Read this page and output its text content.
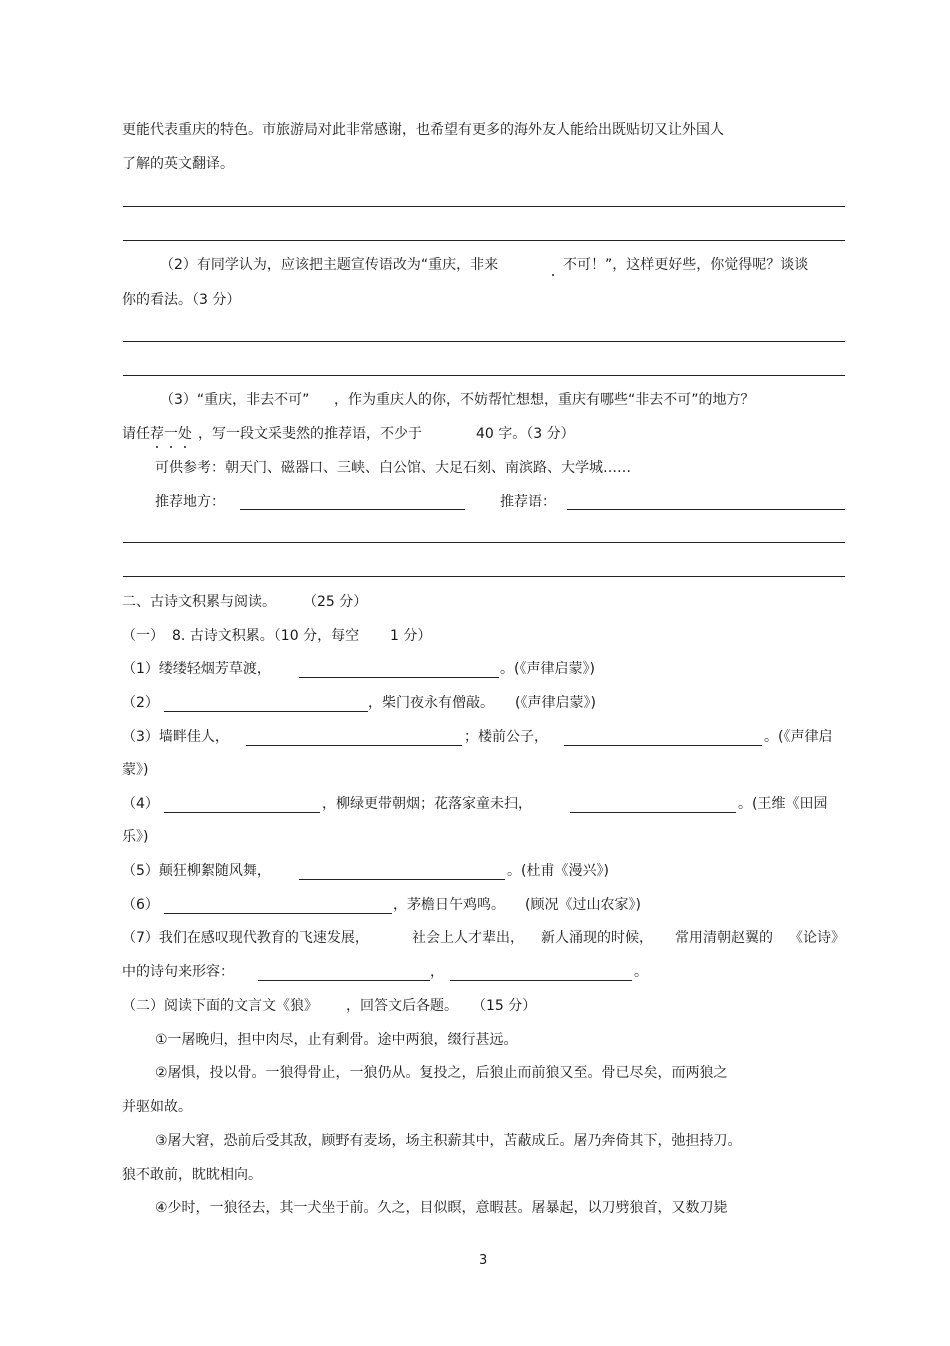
更能代表重庆的特色。市旅游局对此非常感谢，也希望有更多的海外友人能给出既贴切又让外国人
了解的英文翻译。
（2）有同学认为，应该把主题宣传语改为“重庆，非来	不可！”，这样更好些，你觉得呢？谈谈
你的看法。（3 分）
（3）“重庆，非去不可” ，作为重庆人的你，不妨帮忙想想，重庆有哪些“非去不可”的地方？
请任 荐一处 ，写一段文采斐然的推荐语，不少于	40 字。（3 分）
可供参考：朝天门、磁器口、三峡、白公馆、大足石刻、南滨路、大学城……
推荐地方：	推荐语：
二、古诗文积累与阅读。 （25 分）
（一） 8. 古诗文积累。（10 分，每空 1 分）
（1）缕缕轻烟芳草渡，	。(《声律启蒙》)
（2）	，柴门夜永有僧敲。 (《声律启蒙》)
（3）墙畔佳人，	；楼前公子，	。(《声律启
蒙》)
（4）	，柳绿更带朝烟；花落家童未扫，	。(王维《田园
乐》)
（5）颠狂柳絮随风舞，	。(杜甫《漫兴》)
（6）	，茅檐日午鸡鸣。 (顾况《过山农家》)
（7）我们在感叹现代教育的飞速发展，	社会上人才辈出， 新人涌现的时候， 常用清朝赵翼的 《论诗》
中的诗句来形容：	，	。
（二）阅读下面的文言文《狼》 ，回答文后各题。 （15 分）
①一屠晚归，担中肉尽，止有剩骨。途中两狼，缀行甚远。
②屠惧，投以骨。一狼得骨止，一狼仍从。复投之，后狼止而前狼又至。骨已尽矣，而两狼之
并驱如故。
③屠大窘，恐前后受其敌，顾野有麦场，场主积薪其中，苫蔽成丘。屠乃奔倚其下，弛担持刀。
狼不敢前，眈眈相向。
④少时，一狼径去，其一犬坐于前。久之，目似瞑，意暇甚。屠暴起，以刀劈狼首，又数刀毙
3
